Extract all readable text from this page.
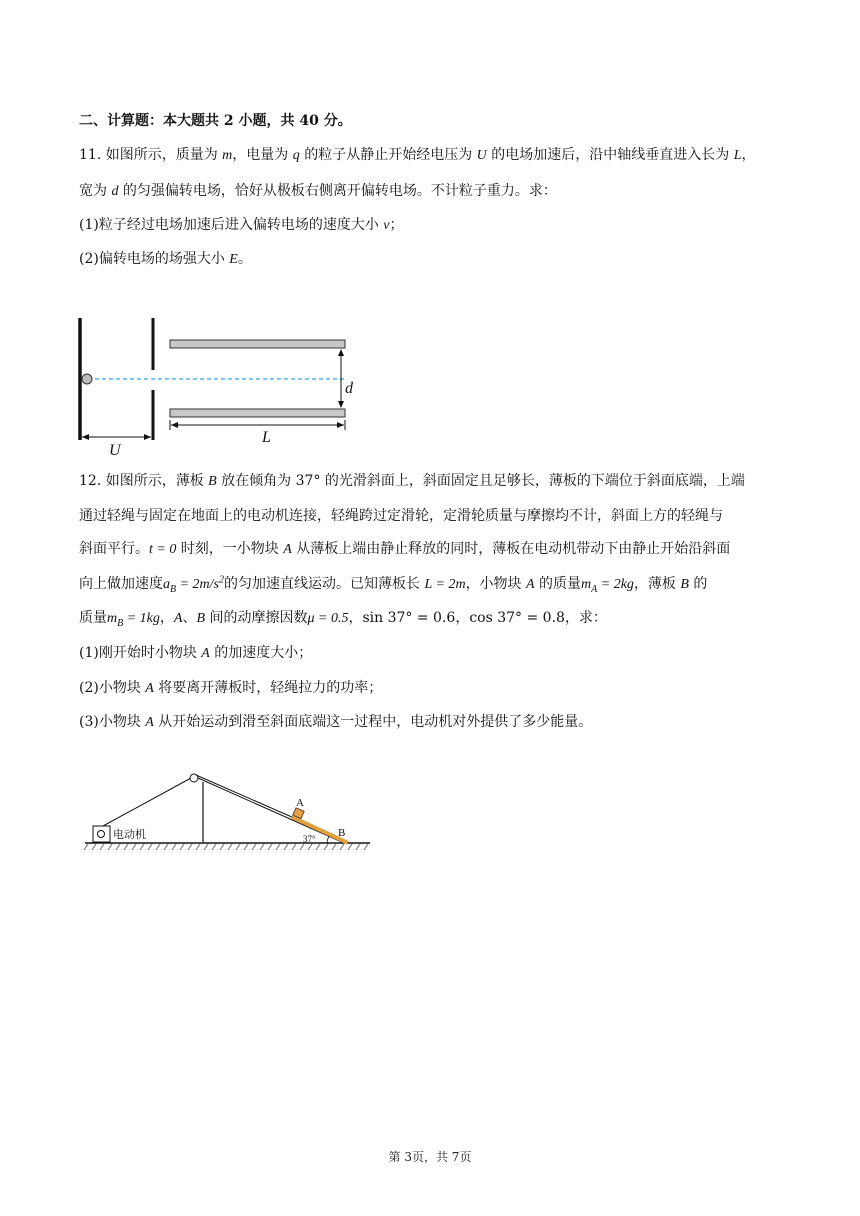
二、计算题：本大题共 2 小题，共 40 分。
11. 如图所示，质量为 m，电量为 q 的粒子从静止开始经电压为 U 的电场加速后，沿中轴线垂直进入长为 L，
宽为 d 的匀强偏转电场，恰好从极板右侧离开偏转电场。不计粒子重力。求：
(1)粒子经过电场加速后进入偏转电场的速度大小 v；
(2)偏转电场的场强大小 E。
d
U
L
12. 如图所示，薄板 B 放在倾角为 37° 的光滑斜面上，斜面固定且足够长，薄板的下端位于斜面底端，上端
通过轻绳与固定在地面上的电动机连接，轻绳跨过定滑轮，定滑轮质量与摩擦均不计，斜面上方的轻绳与
斜面平行。t = 0 时刻，一小物块 A 从薄板上端由静止释放的同时，薄板在电动机带动下由静止开始沿斜面
向上做加速度$a_B = 2m/s^2$的匀加速直线运动。已知薄板长 L = 2m，小物块 A 的质量$m_A = 2kg$，薄板 B 的
质量$m_B = 1kg$，A、B 间的动摩擦因数μ = 0.5，sin 37° = 0.6，cos 37° = 0.8，求：
(1)刚开始时小物块 A 的加速度大小；
(2)小物块 A 将要离开薄板时，轻绳拉力的功率；
(3)小物块 A 从开始运动到滑至斜面底端这一过程中，电动机对外提供了多少能量。
电动机
A
B
37°
第 3页，共 7页
